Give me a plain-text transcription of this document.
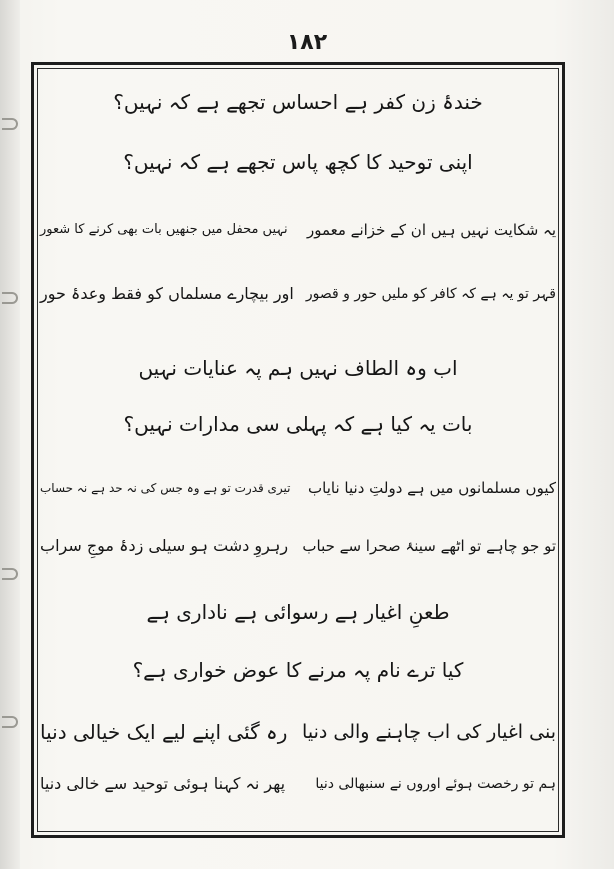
۱۸۲
خندۂ زن کفر ہے احساس تجھے ہے کہ نہیں؟
اپنی توحید کا کچھ پاس تجھے ہے کہ نہیں؟
یہ شکایت نہیں ہیں ان کے خزانے معمور
نہیں محفل میں جنھیں بات بھی کرنے کا شعور
قہر تو یہ ہے کہ کافر کو ملیں حور و قصور
اور بیچارے مسلماں کو فقط وعدۂ حور
اب وہ الطاف نہیں ہم پہ عنایات نہیں
بات یہ کیا ہے کہ پہلی سی مدارات نہیں؟
کیوں مسلمانوں میں ہے دولتِ دنیا نایاب
تیری قدرت تو ہے وہ جس کی نہ حد ہے نہ حساب
تو جو چاہے تو اٹھے سینۂ صحرا سے حباب
رہروِ دشت ہو سیلی زدۂ موجِ سراب
طعنِ اغیار ہے رسوائی ہے ناداری ہے
کیا ترے نام پہ مرنے کا عوض خواری ہے؟
بنی اغیار کی اب چاہنے والی دنیا
رہ گئی اپنے لیے ایک خیالی دنیا
ہم تو رخصت ہوئے اوروں نے سنبھالی دنیا
پھر نہ کہنا ہوئی توحید سے خالی دنیا
